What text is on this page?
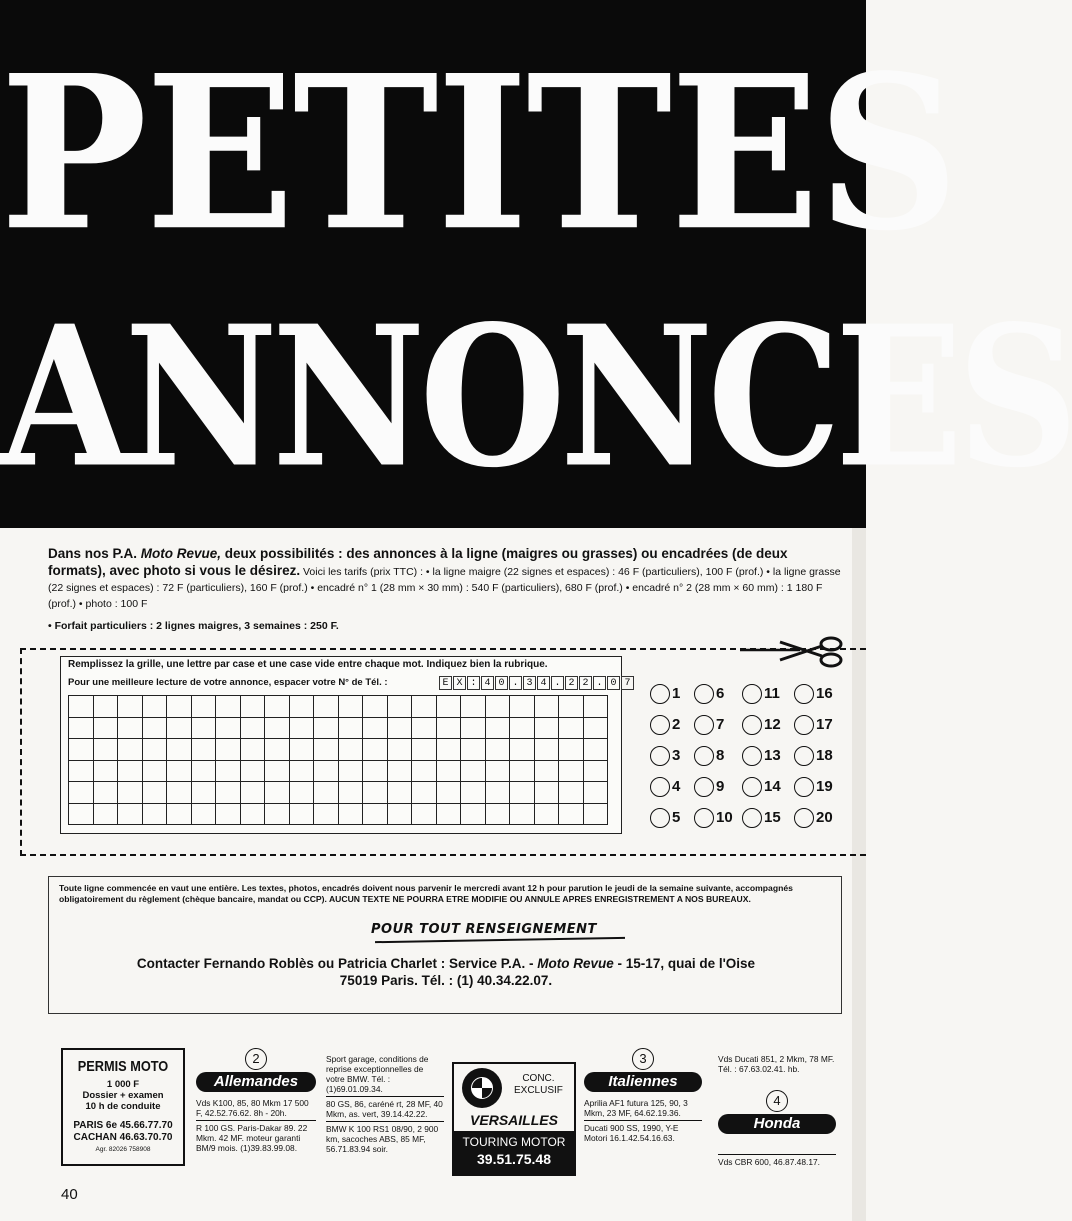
PETITES
ANNONCES
Dans nos P.A. Moto Revue, deux possibilités : des annonces à la ligne (maigres ou grasses) ou encadrées (de deux formats), avec photo si vous le désirez. Voici les tarifs (prix TTC) : • la ligne maigre (22 signes et espaces) : 46 F (particuliers), 100 F (prof.) • la ligne grasse (22 signes et espaces) : 72 F (particuliers), 160 F (prof.) • encadré n° 1 (28 mm × 30 mm) : 540 F (particuliers), 680 F (prof.) • encadré n° 2 (28 mm × 60 mm) : 1 180 F (prof.) • photo : 100 F
• Forfait particuliers : 2 lignes maigres, 3 semaines : 250 F.
Remplissez la grille, une lettre par case et une case vide entre chaque mot. Indiquez bien la rubrique.
Pour une meilleure lecture de votre annonce, espacer votre N° de Tél. :	E X : 4 0 . 3 4 . 2 2 . 0 7
1 6	11 16
2 7	12 17
3 8	13 18
4 9	14 19
5 10 15 20
Toute ligne commencée en vaut une entière. Les textes, photos, encadrés doivent nous parvenir le mercredi avant 12 h pour parution le jeudi de la semaine suivante, accompagnés obligatoirement du règlement (chèque bancaire, mandat ou CCP). AUCUN TEXTE NE POURRA ETRE MODIFIE OU ANNULE APRES ENREGISTREMENT A NOS BUREAUX.
POUR TOUT RENSEIGNEMENT
Contacter Fernando Roblès ou Patricia Charlet : Service P.A. - Moto Revue - 15-17, quai de l'Oise
75019 Paris. Tél. : (1) 40.34.22.07.
PERMIS MOTO
1 000 F
Dossier + examen
10 h de conduite
PARIS 6e 45.66.77.70
CACHAN 46.63.70.70
Agr. 82026 758908
2
Allemandes
Vds K100, 85, 80 Mkm 17 500 F, 42.52.76.62. 8h - 20h.
R 100 GS. Paris-Dakar 89. 22 Mkm. 42 MF. moteur garanti BM/9 mois. (1)39.83.99.08.
Sport garage, conditions de reprise exceptionnelles de votre BMW. Tél. :(1)69.01.09.34.
80 GS, 86, caréné rt, 28 MF, 40 Mkm, as. vert, 39.14.42.22.
BMW K 100 RS1 08/90, 2 900 km, sacoches ABS, 85 MF, 56.71.83.94 soir.
CONC.
EXCLUSIF
VERSAILLES
TOURING MOTOR
39.51.75.48
3
Italiennes
Aprilia AF1 futura 125, 90, 3 Mkm, 23 MF, 64.62.19.36.
Ducati 900 SS, 1990, Y-E Motori 16.1.42.54.16.63.
Vds Ducati 851, 2 Mkm, 78 MF. Tél. : 67.63.02.41. hb.
4
Honda
Vds CBR 600, 46.87.48.17.
40
